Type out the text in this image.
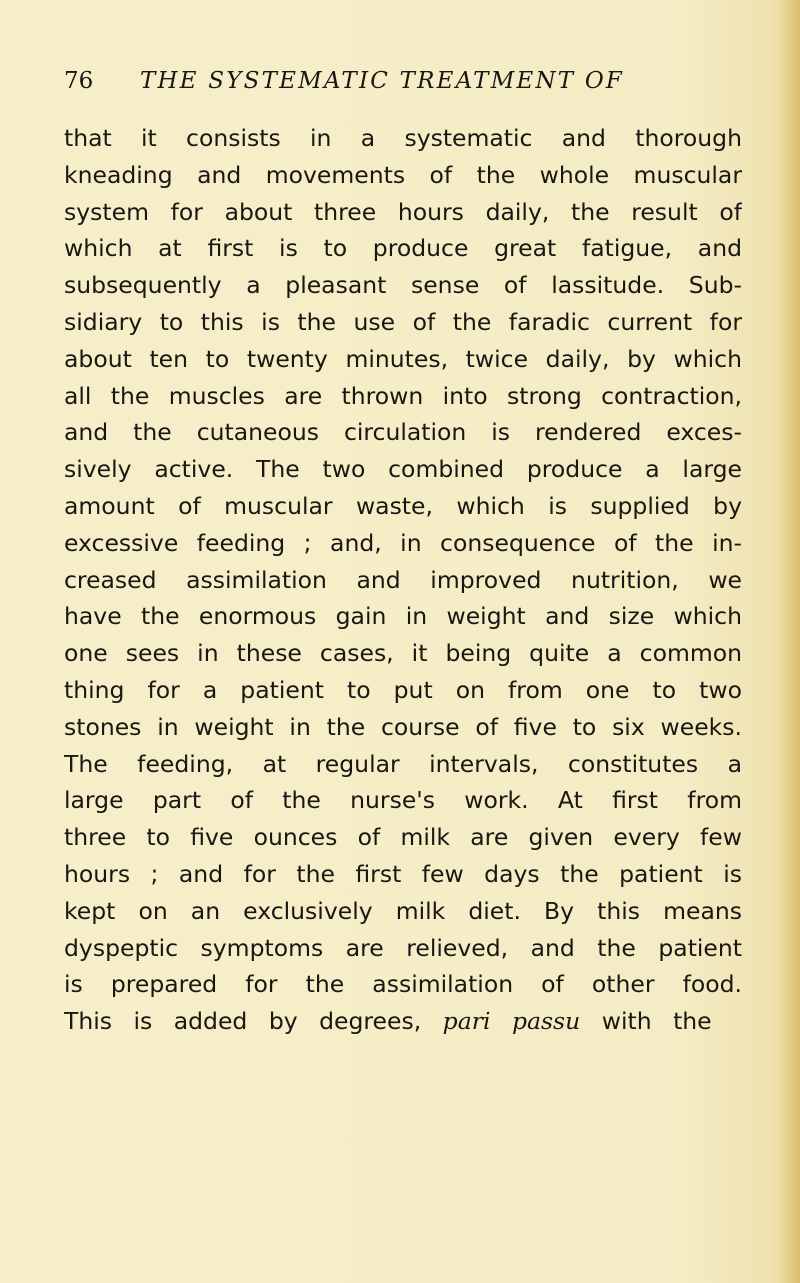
76 THE SYSTEMATIC TREATMENT OF
that it consists in a systematic and thorough
kneading and movements of the whole muscular
system for about three hours daily, the result of
which at first is to produce great fatigue, and
subsequently a pleasant sense of lassitude. Sub-
sidiary to this is the use of the faradic current for
about ten to twenty minutes, twice daily, by which
all the muscles are thrown into strong contraction,
and the cutaneous circulation is rendered exces-
sively active. The two combined produce a large
amount of muscular waste, which is supplied by
excessive feeding ; and, in consequence of the in-
creased assimilation and improved nutrition, we
have the enormous gain in weight and size which
one sees in these cases, it being quite a common
thing for a patient to put on from one to two
stones in weight in the course of five to six weeks.
The feeding, at regular intervals, constitutes a
large part of the nurse's work. At first from
three to five ounces of milk are given every few
hours ; and for the first few days the patient is
kept on an exclusively milk diet. By this means
dyspeptic symptoms are relieved, and the patient
is prepared for the assimilation of other food.
This is added by degrees, pari passu with the
